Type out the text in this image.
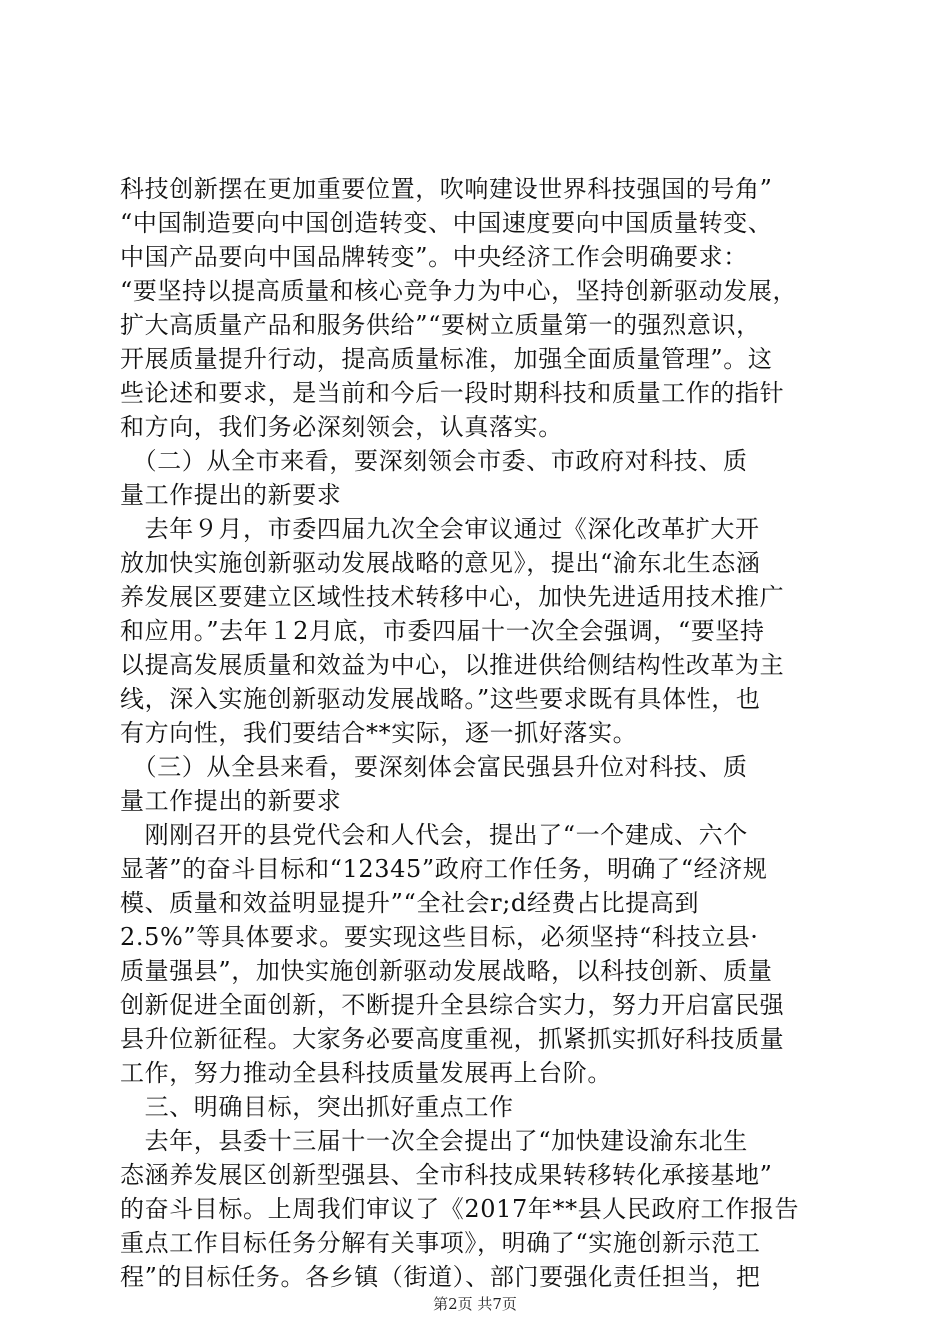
科技创新摆在更加重要位置，吹响建设世界科技强国的号角”
“中国制造要向中国创造转变、中国速度要向中国质量转变、
中国产品要向中国品牌转变”。中央经济工作会明确要求：
“要坚持以提高质量和核心竞争力为中心，坚持创新驱动发展，
扩大高质量产品和服务供给”“要树立质量第一的强烈意识，
开展质量提升行动，提高质量标准，加强全面质量管理”。这
些论述和要求，是当前和今后一段时期科技和质量工作的指针
和方向，我们务必深刻领会，认真落实。
　（二）从全市来看，要深刻领会市委、市政府对科技、质
量工作提出的新要求
　去年９月，市委四届九次全会审议通过《深化改革扩大开
放加快实施创新驱动发展战略的意见》，提出“渝东北生态涵
养发展区要建立区域性技术转移中心，加快先进适用技术推广
和应用。”去年１2月底，市委四届十一次全会强调，“要坚持
以提高发展质量和效益为中心，以推进供给侧结构性改革为主
线，深入实施创新驱动发展战略。”这些要求既有具体性，也
有方向性，我们要结合**实际，逐一抓好落实。
　（三）从全县来看，要深刻体会富民强县升位对科技、质
量工作提出的新要求
　刚刚召开的县党代会和人代会，提出了“一个建成、六个
显著”的奋斗目标和“12345”政府工作任务，明确了“经济规
模、质量和效益明显提升”“全社会r;d经费占比提高到
2.5%”等具体要求。要实现这些目标，必须坚持“科技立县·
质量强县”，加快实施创新驱动发展战略，以科技创新、质量
创新促进全面创新，不断提升全县综合实力，努力开启富民强
县升位新征程。大家务必要高度重视，抓紧抓实抓好科技质量
工作，努力推动全县科技质量发展再上台阶。
　三、明确目标，突出抓好重点工作
　去年，县委十三届十一次全会提出了“加快建设渝东北生
态涵养发展区创新型强县、全市科技成果转移转化承接基地”
的奋斗目标。上周我们审议了《2017年**县人民政府工作报告
重点工作目标任务分解有关事项》，明确了“实施创新示范工
程”的目标任务。各乡镇（街道）、部门要强化责任担当，把
第2页 共7页
